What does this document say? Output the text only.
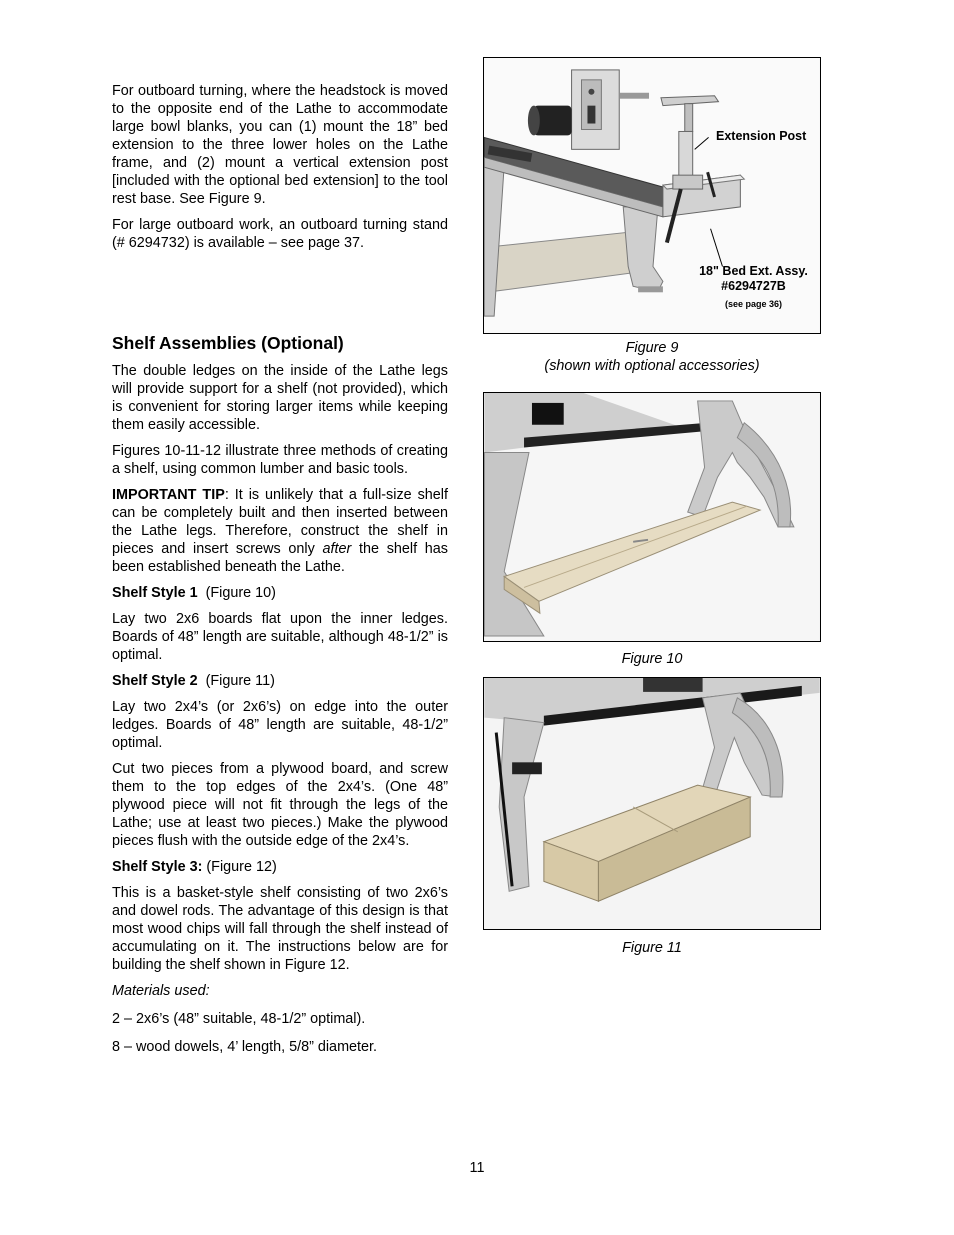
For outboard turning, where the headstock is moved to the opposite end of the Lathe to accommodate large bowl blanks, you can (1) mount the 18” bed extension to the three lower holes on the Lathe frame, and (2) mount a vertical extension post [included with the optional bed extension] to the tool rest base. See Figure 9.

For large outboard work, an outboard turning stand (# 6294732) is available – see page 37.

Shelf Assemblies (Optional)

The double ledges on the inside of the Lathe legs will provide support for a shelf (not provided), which is convenient for storing larger items while keeping them easily accessible.

Figures 10-11-12 illustrate three methods of creating a shelf, using common lumber and basic tools.

IMPORTANT TIP: It is unlikely that a full-size shelf can be completely built and then inserted between the Lathe legs. Therefore, construct the shelf in pieces and insert screws only after the shelf has been established beneath the Lathe.

Shelf Style 1  (Figure 10)

Lay two 2x6 boards flat upon the inner ledges. Boards of 48” length are suitable, although 48-1/2” is optimal.

Shelf Style 2  (Figure 11)

Lay two 2x4’s (or 2x6’s) on edge into the outer ledges. Boards of 48” length are suitable, 48-1/2” optimal.

Cut two pieces from a plywood board, and screw them to the top edges of the 2x4’s. (One 48” plywood piece will not fit through the legs of the Lathe; use at least two pieces.) Make the plywood pieces flush with the outside edge of the 2x4’s.

Shelf Style 3: (Figure 12)

This is a basket-style shelf consisting of two 2x6’s and dowel rods. The advantage of this design is that most wood chips will fall through the shelf instead of accumulating on it. The instructions below are for building the shelf shown in Figure 12.

Materials used:

2 – 2x6’s (48” suitable, 48-1/2” optimal).

8 – wood dowels, 4’ length, 5/8” diameter.

Extension Post
18" Bed Ext. Assy.
#6294727B
(see page 36)
Figure 9
(shown with optional accessories)
Figure 10
Figure 11
11
